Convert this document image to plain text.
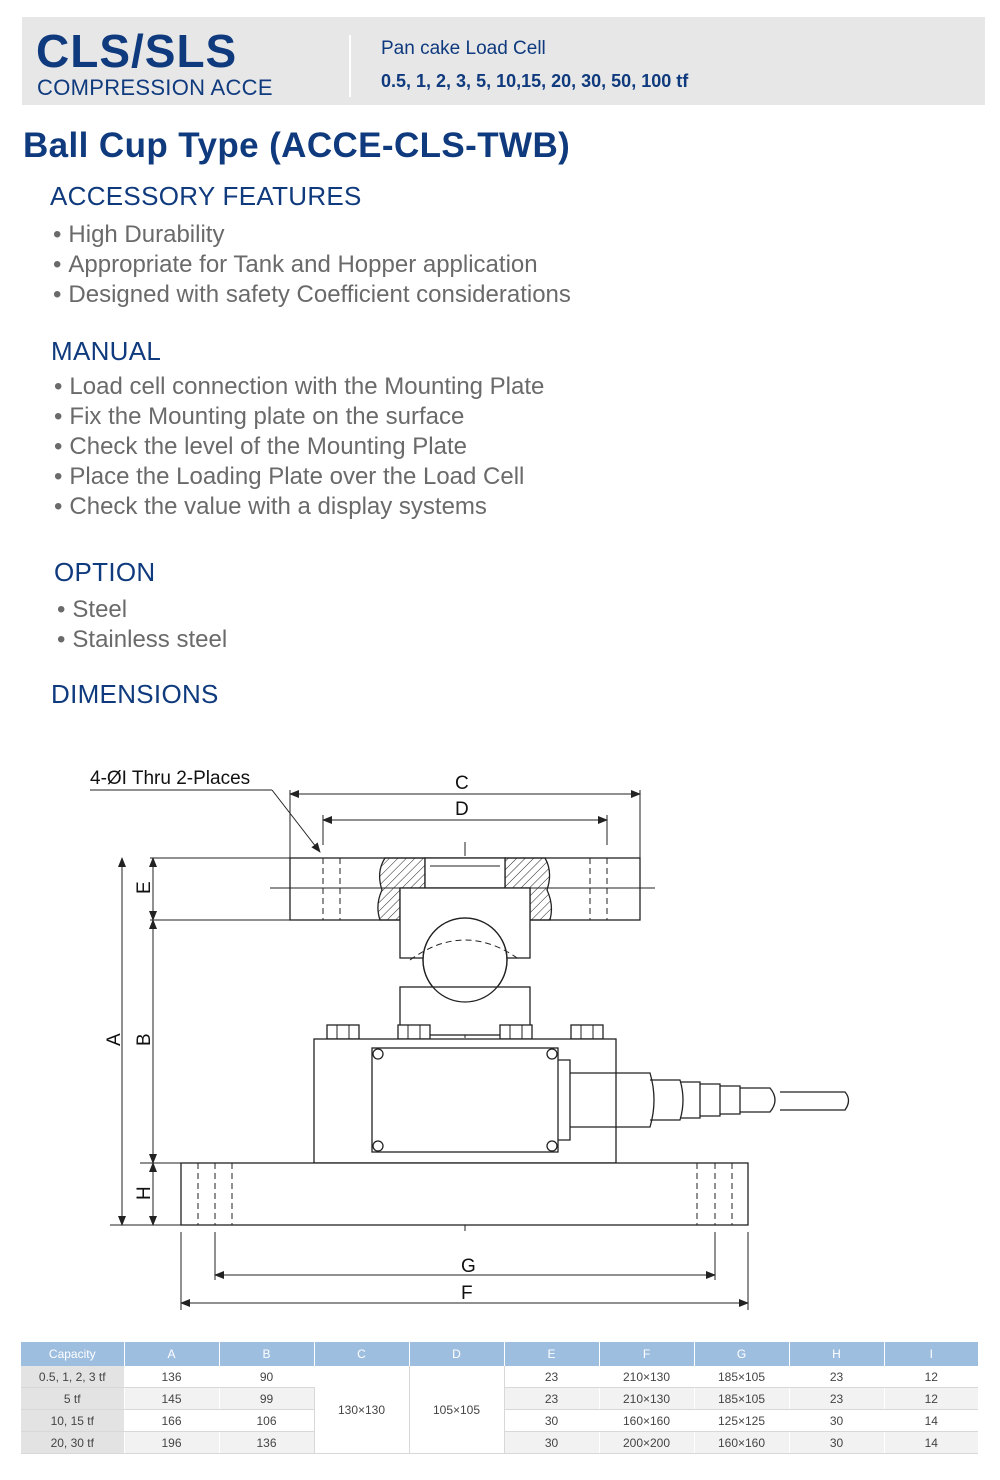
CLS/SLS
COMPRESSION ACCE
Pan cake Load Cell
0.5, 1, 2, 3, 5, 10,15, 20, 30, 50, 100 tf
Ball Cup Type (ACCE-CLS-TWB)
ACCESSORY FEATURES
• High Durability
• Appropriate for Tank and Hopper application
• Designed with safety Coefficient considerations
MANUAL
• Load cell connection with the Mounting Plate
• Fix the Mounting plate on the surface
• Check the level of the Mounting Plate
• Place the Loading Plate over the Load Cell
• Check the value with a display systems
OPTION
• Steel
• Stainless steel
DIMENSIONS
4-ØI Thru 2-Places	C
D
G
F
E
A B
H
Capacity	A	B	C	D	E	F	G	H	I
0.5, 1, 2, 3 tf	136	90	130×130	105×105	23	210×130	185×105	23	12
5 tf	145	99			23	210×130	185×105	23	12
10, 15 tf	166	106			30	160×160	125×125	30	14
20, 30 tf	196	136			30	200×200	160×160	30	14
